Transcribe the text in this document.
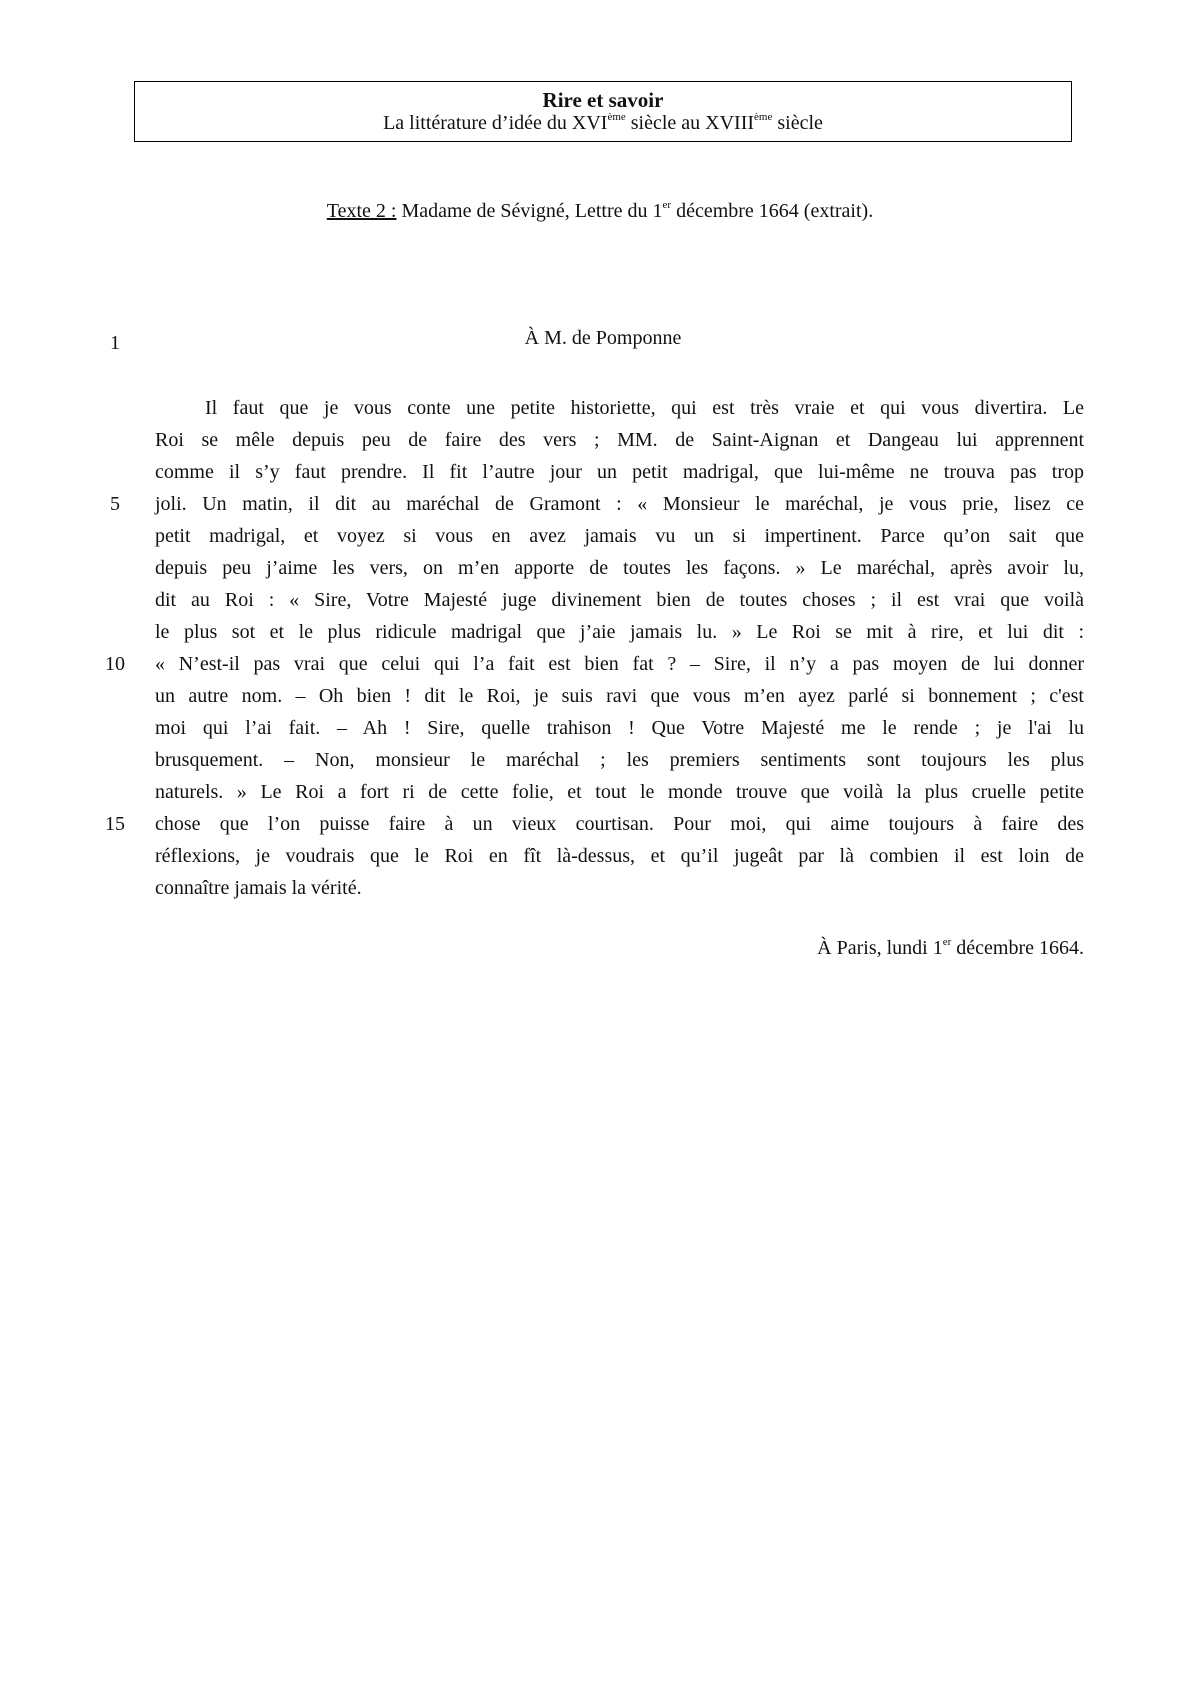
Rire et savoir
La littérature d’idée du XVIème siècle au XVIIIème siècle
Texte 2 : Madame de Sévigné, Lettre du 1er décembre 1664 (extrait).
1	À M. de Pomponne
5
10
15
Il faut que je vous conte une petite historiette, qui est très vraie et qui vous divertira. Le
Roi se mêle depuis peu de faire des vers ; MM. de Saint-Aignan et Dangeau lui apprennent
comme il s’y faut prendre. Il fit l’autre jour un petit madrigal, que lui-même ne trouva pas trop
joli. Un matin, il dit au maréchal de Gramont : « Monsieur le maréchal, je vous prie, lisez ce
petit madrigal, et voyez si vous en avez jamais vu un si impertinent. Parce qu’on sait que
depuis peu j’aime les vers, on m’en apporte de toutes les façons. » Le maréchal, après avoir lu,
dit au Roi : « Sire, Votre Majesté juge divinement bien de toutes choses ; il est vrai que voilà
le plus sot et le plus ridicule madrigal que j’aie jamais lu. » Le Roi se mit à rire, et lui dit :
« N’est-il pas vrai que celui qui l’a fait est bien fat ? – Sire, il n’y a pas moyen de lui donner
un autre nom. – Oh bien ! dit le Roi, je suis ravi que vous m’en ayez parlé si bonnement ; c'est
moi qui l’ai fait. – Ah ! Sire, quelle trahison ! Que Votre Majesté me le rende ; je l'ai lu
brusquement. – Non, monsieur le maréchal ; les premiers sentiments sont toujours les plus
naturels. » Le Roi a fort ri de cette folie, et tout le monde trouve que voilà la plus cruelle petite
chose que l’on puisse faire à un vieux courtisan. Pour moi, qui aime toujours à faire des
réflexions, je voudrais que le Roi en fît là-dessus, et qu’il jugeât par là combien il est loin de
connaître jamais la vérité.
À Paris, lundi 1er décembre 1664.
